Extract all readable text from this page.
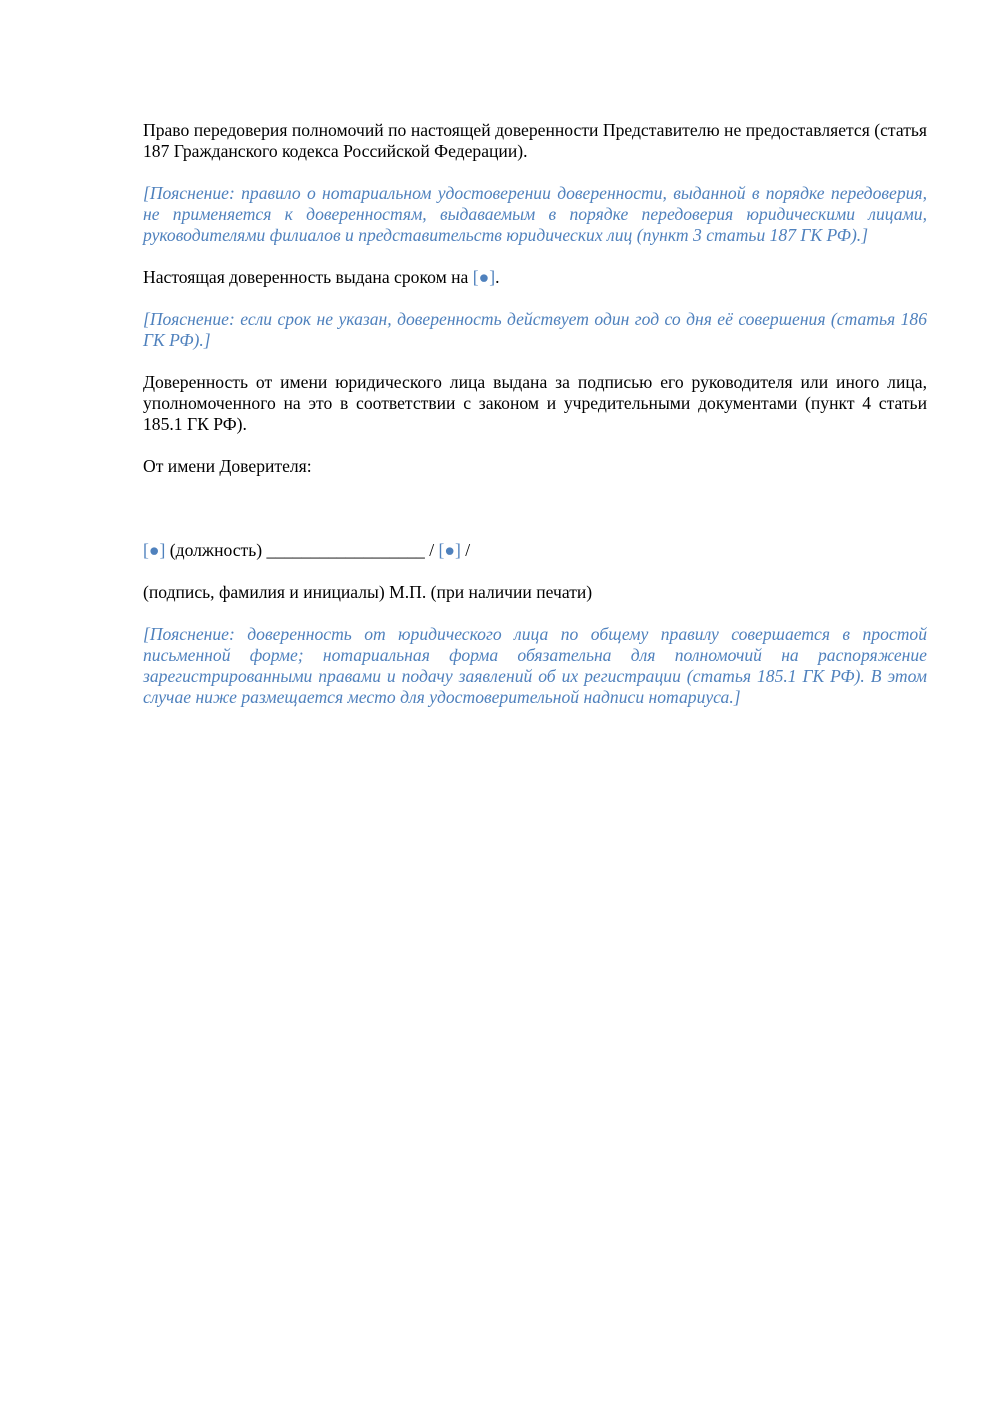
Право передоверия полномочий по настоящей доверенности Представителю не предоставляется (статья 187 Гражданского кодекса Российской Федерации).

[Пояснение: правило о нотариальном удостоверении доверенности, выданной в порядке передоверия, не применяется к доверенностям, выдаваемым в порядке передоверия юридическими лицами, руководителями филиалов и представительств юридических лиц (пункт 3 статьи 187 ГК РФ).]

Настоящая доверенность выдана сроком на [●].

[Пояснение: если срок не указан, доверенность действует один год со дня её совершения (статья 186 ГК РФ).]

Доверенность от имени юридического лица выдана за подписью его руководителя или иного лица, уполномоченного на это в соответствии с законом и учредительными документами (пункт 4 статьи 185.1 ГК РФ).

От имени Доверителя:

[●] (должность) __________________ / [●] /

(подпись, фамилия и инициалы) М.П. (при наличии печати)

[Пояснение: доверенность от юридического лица по общему правилу совершается в простой письменной форме; нотариальная форма обязательна для полномочий на распоряжение зарегистрированными правами и подачу заявлений об их регистрации (статья 185.1 ГК РФ). В этом случае ниже размещается место для удостоверительной надписи нотариуса.]
